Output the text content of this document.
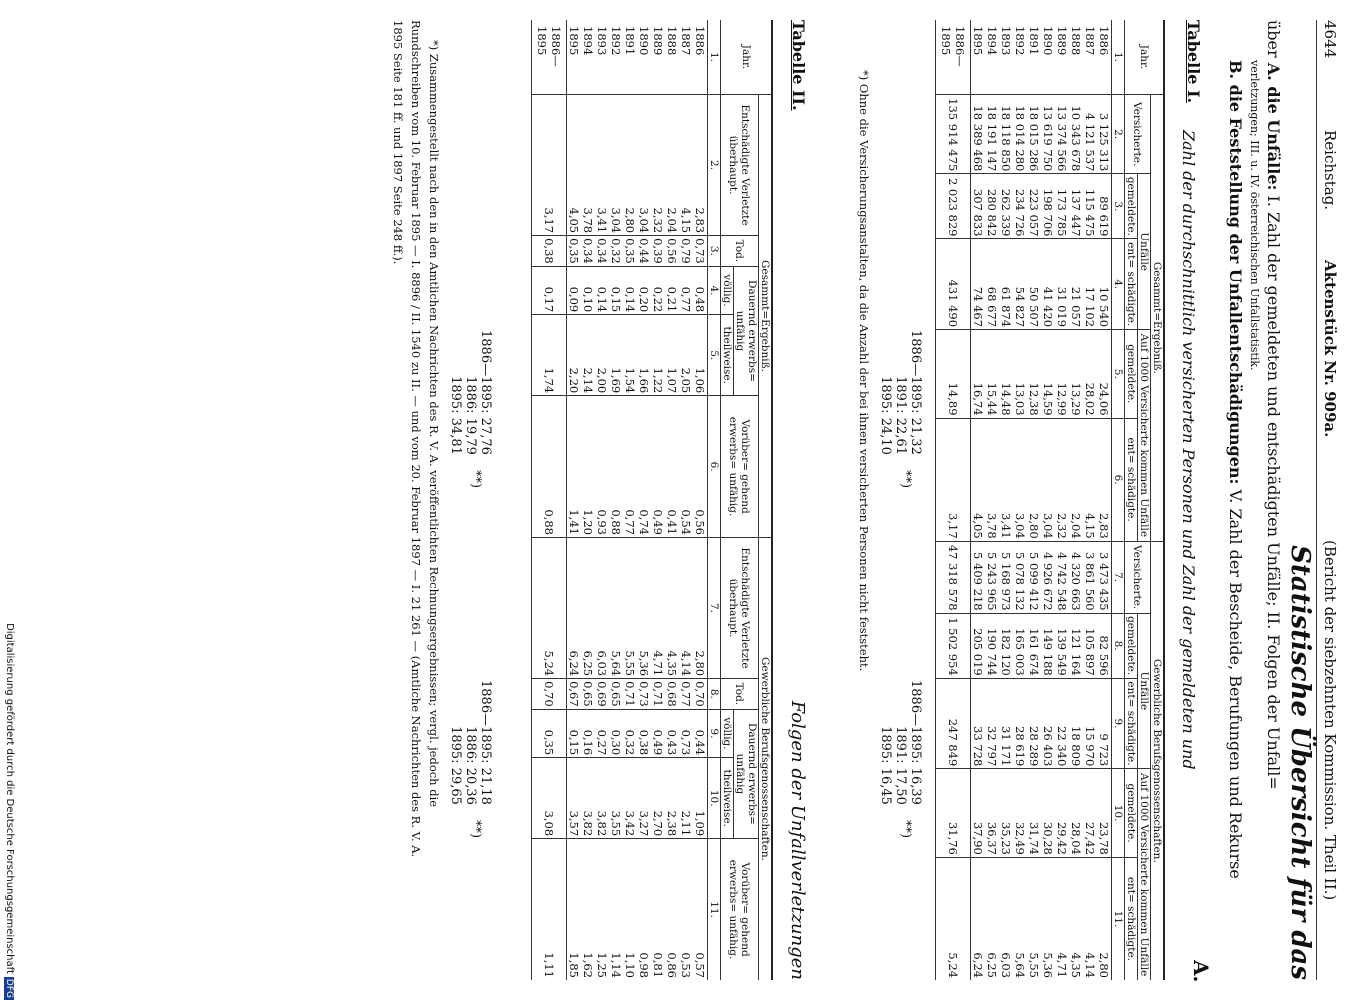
4644
Reichstag.
Aktenstück Nr. 909a.
(Bericht der siebzehnten Kommission. Theil II.)
Statistische Übersicht für das
über A. die Unfälle: I. Zahl der gemeldeten und entschädigten Unfälle; II. Folgen der Unfall=
verletzungen; III. u. IV. österreichischen Unfallstatistik.
B. die Feststellung der Unfallentschädigungen: V. Zahl der Bescheide, Berufungen und Rekurse
A.
Tabelle I.
Zahl der durchschnittlich versicherten Personen und Zahl der gemeldeten und
Jahr.	Gesammt=Ergebniß.					Gewerbliche Berufsgenossenschaften.				
	Versicherte.	Unfälle		Auf 1000 Versicherte kommen Unfälle		Versicherte.	Unfälle		Auf 1000 Versicherte kommen Unfälle	
		gemeldete.	ent= schädigte.	gemeldete.	ent= schädigte.		gemeldete.	ent= schädigte.	gemeldete.	ent= schädigte.

1.	2.	3.	4.	5.	6.	7.	8.	9.	10.	11.
1886	3 125 313	89 619	10 540	24,06	2,83	3 473 435	82 596	9 723	23,78	2,80
1887	4 121 537	115 475	17 102	28,02	4,15	3 861 560	105 897	15 970	27,42	4,14
1888	10 343 678	137 447	21 057	13,29	2,04	4 320 663	121 164	18 809	28,04	4,35
1889	13 374 566	173 785	31 019	12,99	2,32	4 742 548	139 549	22 340	29,42	4,71
1890	13 619 750	198 706	41 420	14,59	3,04	4 926 672	149 188	26 403	30,28	5,36
1891	18 015 286	223 057	50 507	12,38	2,80	5 099 412	161 674	28 289	31,74	5,55
1892	18 014 280	234 726	54 827	13,03	3,04	5 078 132	165 003	28 619	32,49	5,64
1893	18 118 850	262 339	61 874	14,48	3,41	5 168 973	182 120	31 171	35,23	6,03
1894	18 191 147	280 842	68 677	15,44	3,78	5 243 965	190 744	32 797	36,37	6,25
1895	18 389 468	307 833	74 467	16,74	4,05	5 409 218	205 019	33 728	37,90	6,24
1886—1895	135 914 475	2 023 829	431 490	14,89	3,17	47 318 578	1 502 954	247 849	31,76	5,24
1886—1895: 21,32
1891: 22,61
1895: 24,10
**)
1886—1895: 16,39
1891: 17,50
1895: 16,45
**)
*) Ohne die Versicherungsanstalten, da die Anzahl der bei ihnen versicherten Personen nicht feststeht.
Tabelle II.
Folgen der Unfallverletzungen
Jahr.	Gesammt=Ergebniß.					Gewerbliche Berufsgenossenschaften.				
	Entschädigte Verletzte überhaupt.	Tod.	Dauernd erwerbs= unfähig		Vorüber= gehend erwerbs= unfähig.	Entschädigte Verletzte überhaupt.	Tod.	Dauernd erwerbs= unfähig		Vorüber= gehend erwerbs= unfähig.
			völlig.	theilweise.				völlig.	theilweise.	
1.	2.	3.	4.	5.	6.	7.	8.	9.	10.	11.
1886	2,83	0,73	0,48	1,06	0,56	2,80	0,70	0,44	1,09	0,57
1887	4,15	0,79	0,77	2,05	0,54	4,14	0,77	0,73	2,11	0,53
1888	2,04	0,56	0,21	1,07	0,41	4,35	0,68	0,43	2,38	0,86
1889	2,32	0,39	0,22	1,22	0,49	4,71	0,71	0,49	2,70	0,81
1890	3,04	0,44	0,20	1,66	0,74	5,36	0,73	0,38	3,27	0,98
1891	2,80	0,35	0,14	1,54	0,77	5,55	0,71	0,32	3,42	1,10
1892	3,04	0,32	0,15	1,69	0,88	5,64	0,65	0,30	3,55	1,14
1893	3,41	0,34	0,14	2,00	0,93	6,03	0,69	0,27	3,82	1,25
1894	3,78	0,34	0,10	2,14	1,20	6,25	0,65	0,16	3,82	1,62
1895	4,05	0,35	0,09	2,20	1,41	6,24	0,67	0,15	3,57	1,85
1886—1895	3,17	0,38	0,17	1,74	0,88	5,24	0,70	0,35	3,08	1,11
1886—1895: 27,76
1886: 19,79
1895: 34,81
**)
1886—1895: 21,18
1886: 20,36
1895: 29,65
**)
*) Zusammengestellt nach den in den Amtlichen Nachrichten des R. V. A. veröffentlichten Rechnungsergebnissen; vergl. jedoch die
Rundschreiben vom 10. Februar 1895 — I. 8896 / II. 1540 zu II. — und vom 20. Februar 1897 — I. 21 261 — (Amtliche Nachrichten des R. V. A.
1895 Seite 181 ff. und 1897 Seite 248 ff.).
Digitalisierung gefördert durch die Deutsche ForschungsgemeinschaftDFG
